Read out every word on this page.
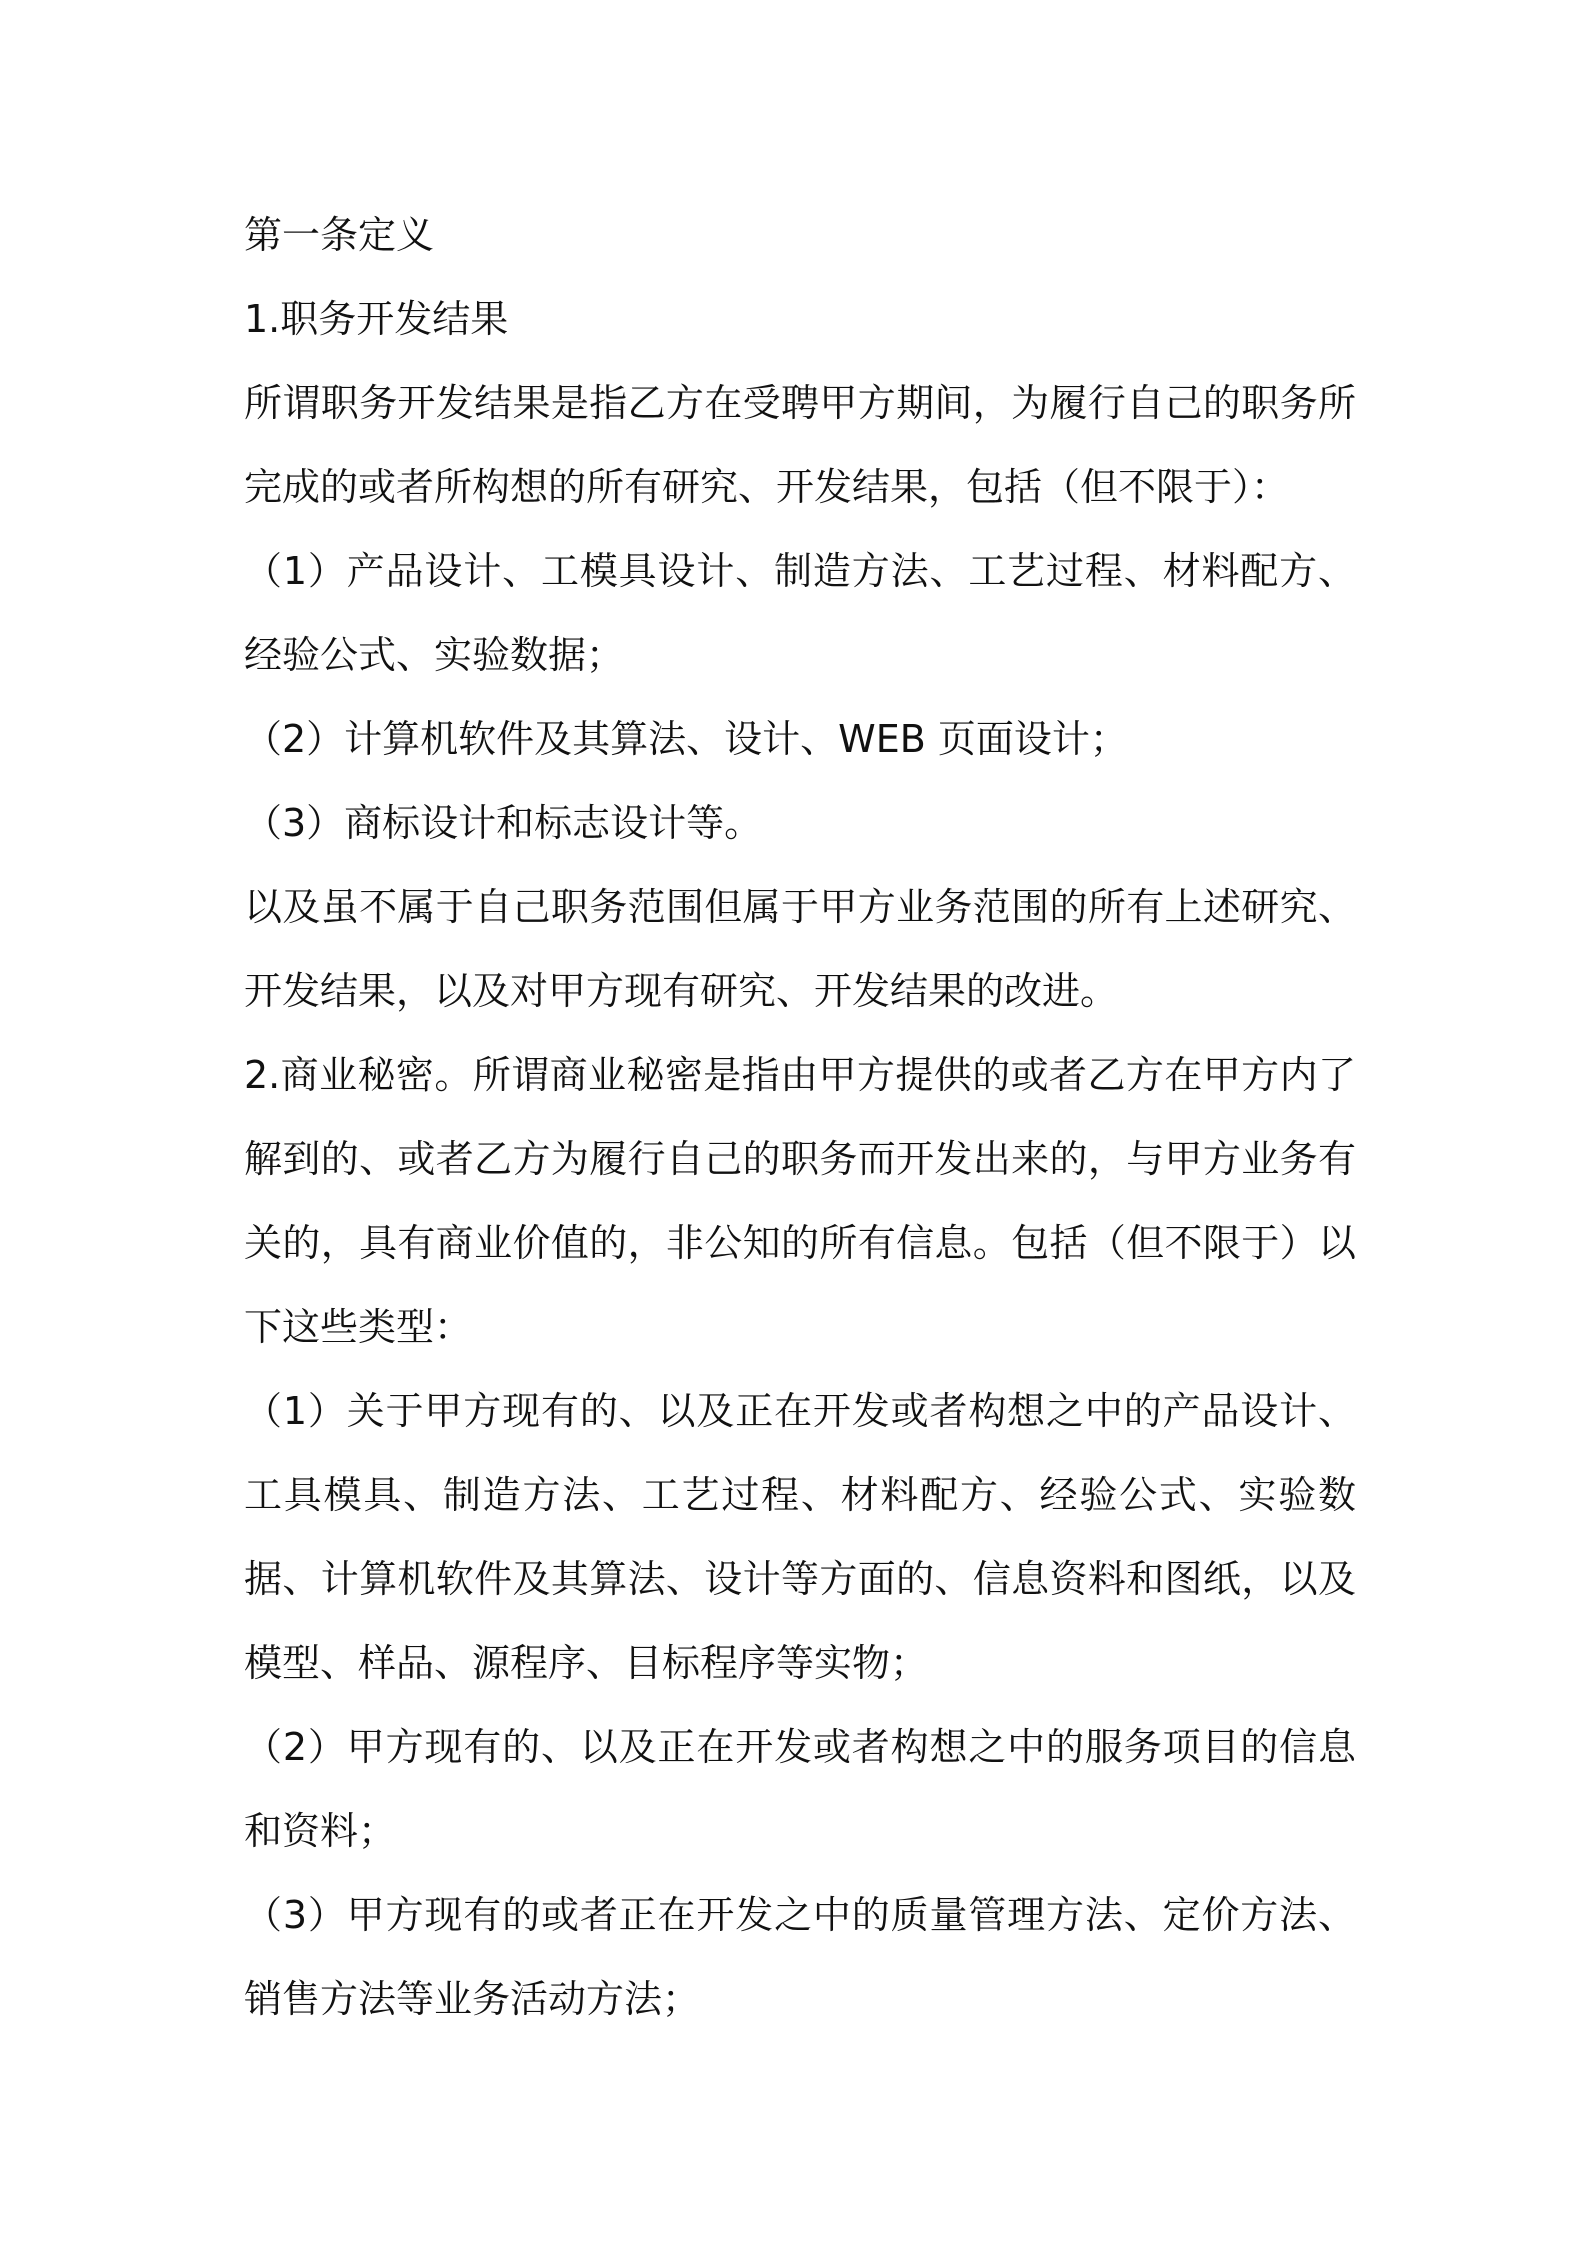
第一条定义

1.职务开发结果

所谓职务开发结果是指乙方在受聘甲方期间，为履行自己的职务所完成的或者所构想的所有研究、开发结果，包括（但不限于）：

（1）产品设计、工模具设计、制造方法、工艺过程、材料配方、经验公式、实验数据；

（2）计算机软件及其算法、设计、WEB 页面设计；

（3）商标设计和标志设计等。

以及虽不属于自己职务范围但属于甲方业务范围的所有上述研究、开发结果，以及对甲方现有研究、开发结果的改进。

2.商业秘密。所谓商业秘密是指由甲方提供的或者乙方在甲方内了解到的、或者乙方为履行自己的职务而开发出来的，与甲方业务有关的，具有商业价值的，非公知的所有信息。包括（但不限于）以下这些类型：

（1）关于甲方现有的、以及正在开发或者构想之中的产品设计、工具模具、制造方法、工艺过程、材料配方、经验公式、实验数据、计算机软件及其算法、设计等方面的、信息资料和图纸，以及模型、样品、源程序、目标程序等实物；

（2）甲方现有的、以及正在开发或者构想之中的服务项目的信息和资料；

（3）甲方现有的或者正在开发之中的质量管理方法、定价方法、销售方法等业务活动方法；
